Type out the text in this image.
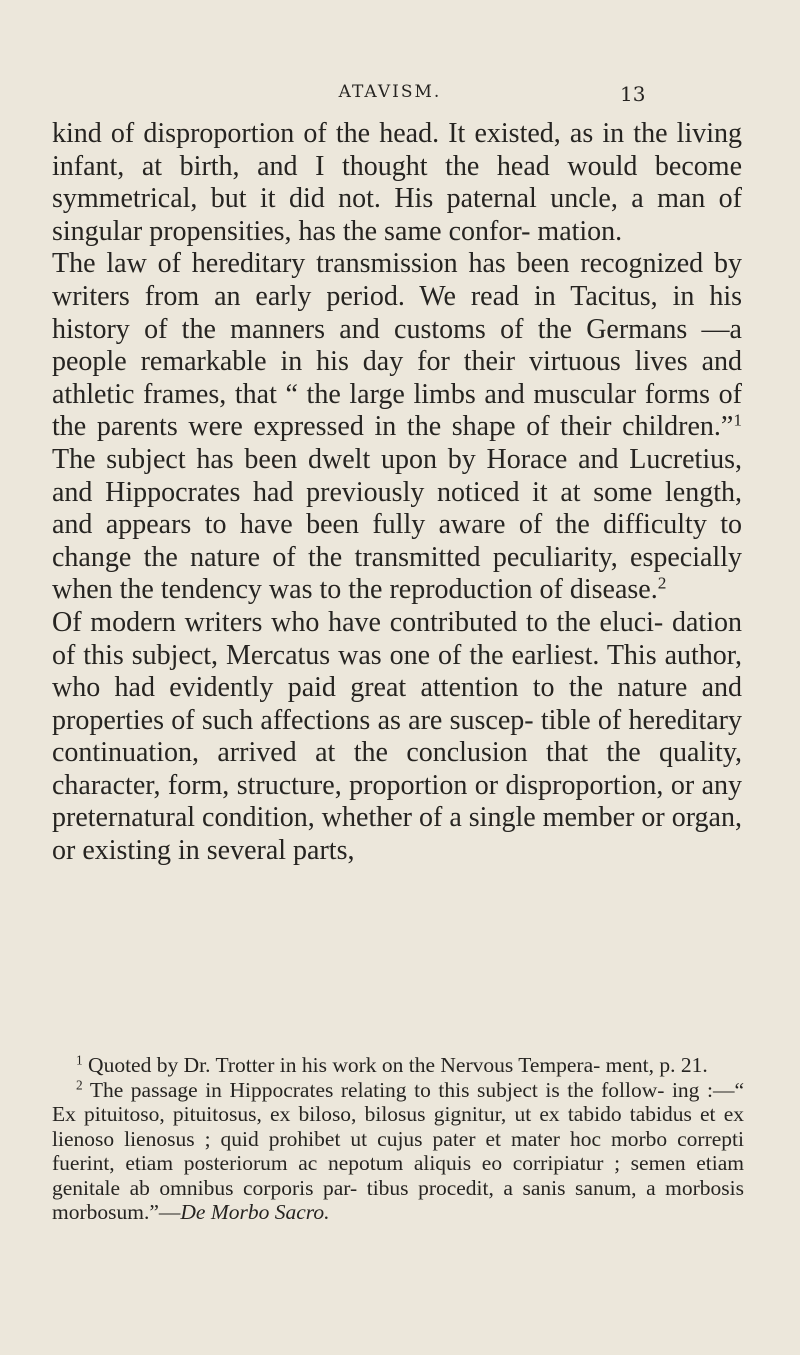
ATAVISM.	13

kind of disproportion of the head. It existed, as in the living infant, at birth, and I thought the head would become symmetrical, but it did not. His paternal uncle, a man of singular propensities, has the same confor- mation.

The law of hereditary transmission has been recognized by writers from an early period. We read in Tacitus, in his history of the manners and customs of the Germans —a people remarkable in his day for their virtuous lives and athletic frames, that “ the large limbs and muscular forms of the parents were expressed in the shape of their children.”$^1$ The subject has been dwelt upon by Horace and Lucretius, and Hippocrates had previously noticed it at some length, and appears to have been fully aware of the difficulty to change the nature of the transmitted peculiarity, especially when the tendency was to the reproduction of disease.$^2$

Of modern writers who have contributed to the eluci- dation of this subject, Mercatus was one of the earliest. This author, who had evidently paid great attention to the nature and properties of such affections as are suscep- tible of hereditary continuation, arrived at the conclusion that the quality, character, form, structure, proportion or disproportion, or any preternatural condition, whether of a single member or organ, or existing in several parts,

$^1$ Quoted by Dr. Trotter in his work on the Nervous Tempera- ment, p. 21.

$^2$ The passage in Hippocrates relating to this subject is the follow- ing :—“ Ex pituitoso, pituitosus, ex biloso, bilosus gignitur, ut ex tabido tabidus et ex lienoso lienosus ; quid prohibet ut cujus pater et mater hoc morbo correpti fuerint, etiam posteriorum ac nepotum aliquis eo corripiatur ; semen etiam genitale ab omnibus corporis par- tibus procedit, a sanis sanum, a morbosis morbosum.”—De Morbo Sacro.
